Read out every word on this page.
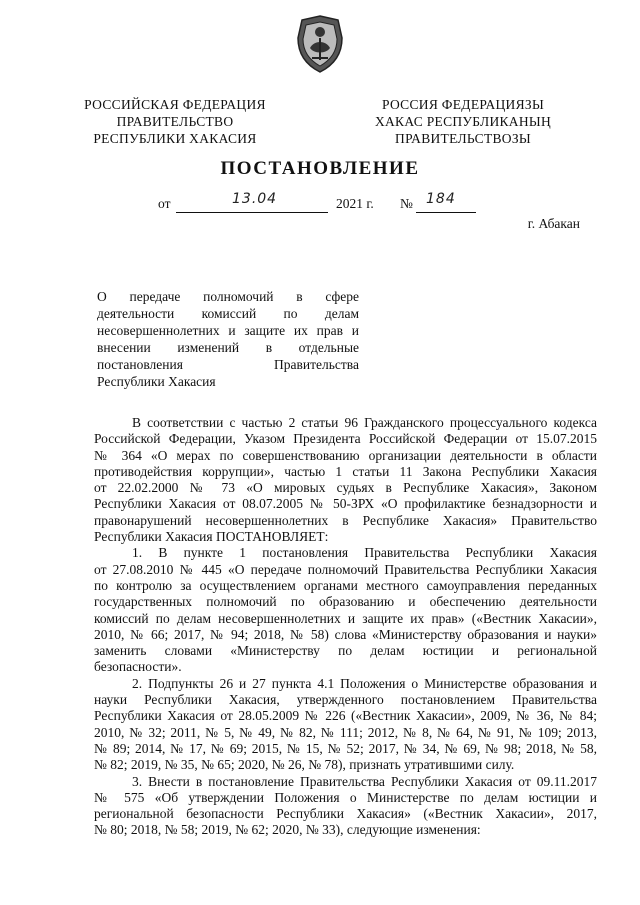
РОССИЙСКАЯ ФЕДЕРАЦИЯ
ПРАВИТЕЛЬСТВО
РЕСПУБЛИКИ ХАКАСИЯ
РОССИЯ ФЕДЕРАЦИЯЗЫ
ХАКАС РЕСПУБЛИКАНЫҢ
ПРАВИТЕЛЬСТВОЗЫ
ПОСТАНОВЛЕНИЕ
от	13.04	2021 г. № 184
г. Абакан
О передаче полномочий в сфере
деятельности комиссий по делам
несовершеннолетних и защите их прав и
внесении изменений в отдельные
постановления Правительства
Республики Хакасия
В соответствии с частью 2 статьи 96 Гражданского процессуального кодекса
Российской Федерации, Указом Президента Российской Федерации от 15.07.2015
№ 364 «О мерах по совершенствованию организации деятельности в области
противодействия коррупции», частью 1 статьи 11 Закона Республики Хакасия
от 22.02.2000 № 73 «О мировых судьях в Республике Хакасия», Законом
Республики Хакасия от 08.07.2005 № 50-ЗРХ «О профилактике безнадзорности и
правонарушений несовершеннолетних в Республике Хакасия» Правительство
Республики Хакасия ПОСТАНОВЛЯЕТ:
1. В пункте 1 постановления Правительства Республики Хакасия
от 27.08.2010 № 445 «О передаче полномочий Правительства Республики Хакасия
по контролю за осуществлением органами местного самоуправления переданных
государственных полномочий по образованию и обеспечению деятельности
комиссий по делам несовершеннолетних и защите их прав» («Вестник Хакасии»,
2010, № 66; 2017, № 94; 2018, № 58) слова «Министерству образования и науки»
заменить словами «Министерству по делам юстиции и региональной
безопасности».
2. Подпункты 26 и 27 пункта 4.1 Положения о Министерстве образования и
науки Республики Хакасия, утвержденного постановлением Правительства
Республики Хакасия от 28.05.2009 № 226 («Вестник Хакасии», 2009, № 36, № 84;
2010, № 32; 2011, № 5, № 49, № 82, № 111; 2012, № 8, № 64, № 91, № 109; 2013,
№ 89; 2014, № 17, № 69; 2015, № 15, № 52; 2017, № 34, № 69, № 98; 2018, № 58,
№ 82; 2019, № 35, № 65; 2020, № 26, № 78), признать утратившими силу.
3. Внести в постановление Правительства Республики Хакасия от 09.11.2017
№ 575 «Об утверждении Положения о Министерстве по делам юстиции и
региональной безопасности Республики Хакасия» («Вестник Хакасии», 2017,
№ 80; 2018, № 58; 2019, № 62; 2020, № 33), следующие изменения:
